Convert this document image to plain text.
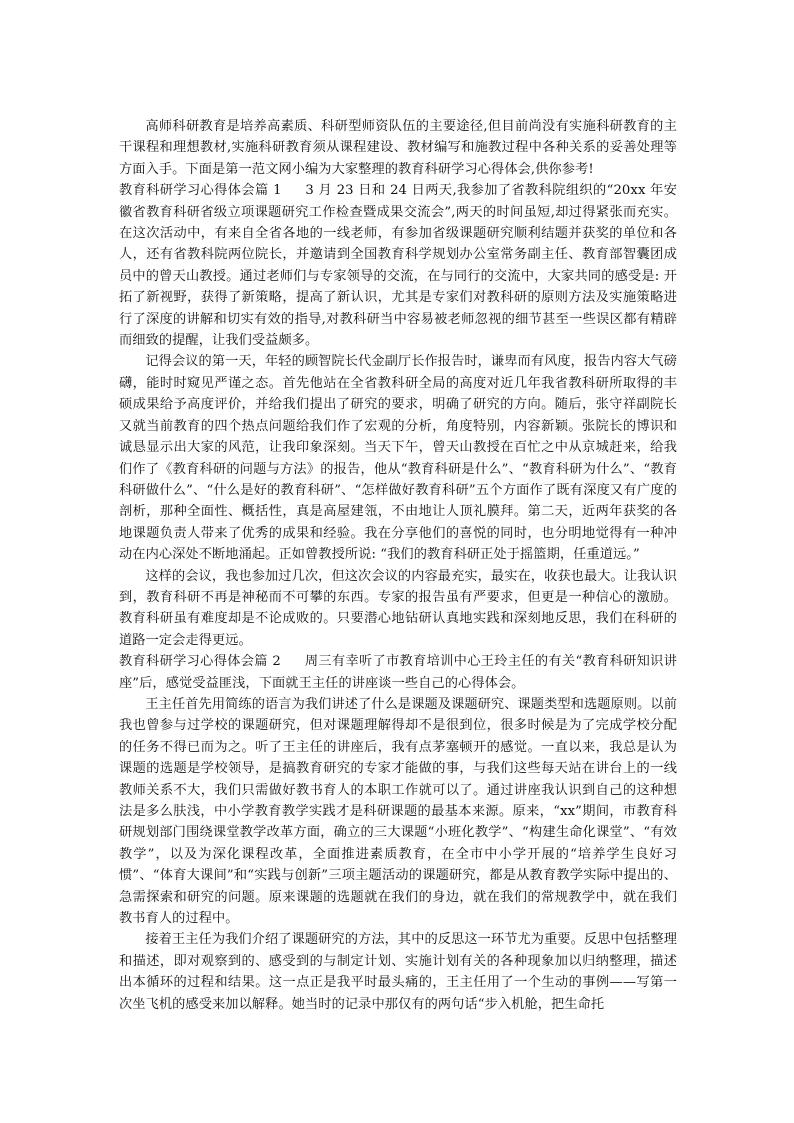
高师科研教育是培养高素质、科研型师资队伍的主要途径,但目前尚没有实施科研教育的主干课程和理想教材,实施科研教育须从课程建设、教材编写和施教过程中各种关系的妥善处理等方面入手。下面是第一范文网小编为大家整理的教育科研学习心得体会,供你参考!

教育科研学习心得体会篇 1 3 月 23 日和 24 日两天,我参加了省教科院组织的“20xx 年安徽省教育科研省级立项课题研究工作检查暨成果交流会”,两天的时间虽短,却过得紧张而充实。在这次活动中，有来自全省各地的一线老师，有参加省级课题研究顺利结题并获奖的单位和各人，还有省教科院两位院长，并邀请到全国教育科学规划办公室常务副主任、教育部智囊团成员中的曾天山教授。通过老师们与专家领导的交流，在与同行的交流中，大家共同的感受是: 开拓了新视野，获得了新策略，提高了新认识，尤其是专家们对教科研的原则方法及实施策略进行了深度的讲解和切实有效的指导,对教科研当中容易被老师忽视的细节甚至一些误区都有精辟而细致的提醒，让我们受益颇多。

记得会议的第一天，年轻的顾智院长代金副厅长作报告时，谦卑而有风度，报告内容大气磅礴，能时时窥见严谨之态。首先他站在全省教科研全局的高度对近几年我省教科研所取得的丰硕成果给予高度评价，并给我们提出了研究的要求，明确了研究的方向。随后，张守祥副院长又就当前教育的四个热点问题给我们作了宏观的分析，角度特别，内容新颖。张院长的博识和诚恳显示出大家的风范，让我印象深刻。当天下午，曾天山教授在百忙之中从京城赶来，给我们作了《教育科研的问题与方法》的报告，他从“教育科研是什么”、“教育科研为什么”、“教育科研做什么”、“什么是好的教育科研”、“怎样做好教育科研”五个方面作了既有深度又有广度的剖析，那种全面性、概括性，真是高屋建瓴，不由地让人顶礼膜拜。第二天，近两年获奖的各地课题负责人带来了优秀的成果和经验。我在分享他们的喜悦的同时，也分明地觉得有一种冲动在内心深处不断地涌起。正如曾教授所说: “我们的教育科研正处于摇篮期，任重道远。”

这样的会议，我也参加过几次，但这次会议的内容最充实，最实在，收获也最大。让我认识到，教育科研不再是神秘而不可攀的东西。专家的报告虽有严要求，但更是一种信心的激励。教育科研虽有难度却是不论成败的。只要潜心地钻研认真地实践和深刻地反思，我们在科研的道路一定会走得更远。

教育科研学习心得体会篇 2 周三有幸听了市教育培训中心王玲主任的有关“教育科研知识讲座”后，感觉受益匪浅，下面就王主任的讲座谈一些自己的心得体会。

王主任首先用简练的语言为我们讲述了什么是课题及课题研究、课题类型和选题原则。以前我也曾参与过学校的课题研究，但对课题理解得却不是很到位，很多时候是为了完成学校分配的任务不得已而为之。听了王主任的讲座后，我有点茅塞顿开的感觉。一直以来，我总是认为课题的选题是学校领导，是搞教育研究的专家才能做的事，与我们这些每天站在讲台上的一线教师关系不大，我们只需做好教书育人的本职工作就可以了。通过讲座我认识到自己的这种想法是多么肤浅，中小学教育教学实践才是科研课题的最基本来源。原来，“xx”期间，市教育科研规划部门围绕课堂教学改革方面，确立的三大课题“小班化教学”、“构建生命化课堂”、“有效教学”，以及为深化课程改革，全面推进素质教育，在全市中小学开展的“培养学生良好习惯”、“体育大课间”和“实践与创新”三项主题活动的课题研究，都是从教育教学实际中提出的、急需探索和研究的问题。原来课题的选题就在我们的身边，就在我们的常规教学中，就在我们教书育人的过程中。

接着王主任为我们介绍了课题研究的方法，其中的反思这一环节尤为重要。反思中包括整理和描述，即对观察到的、感受到的与制定计划、实施计划有关的各种现象加以归纳整理，描述出本循环的过程和结果。这一点正是我平时最头痛的，王主任用了一个生动的事例——写第一次坐飞机的感受来加以解释。她当时的记录中那仅有的两句话“步入机舱，把生命托
